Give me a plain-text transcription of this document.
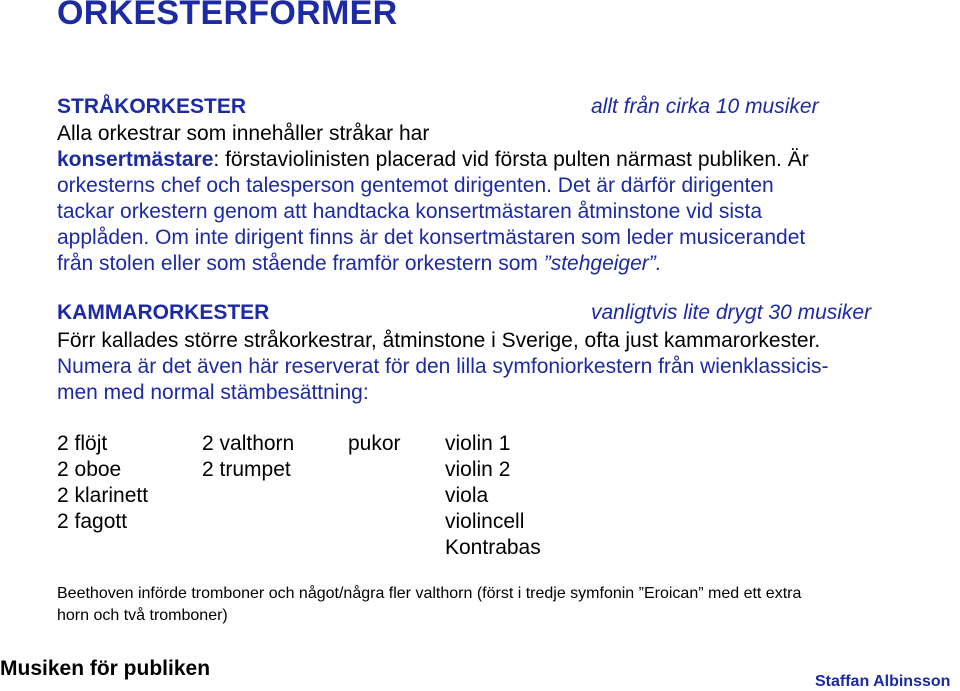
ORKESTERFORMER
STRÅKORKESTER	allt från cirka 10 musiker
Alla orkestrar som innehåller stråkar har
konsertmästare: förstaviolinisten placerad vid första pulten närmast publiken. Är
orkesterns chef och talesperson gentemot dirigenten. Det är därför dirigenten
tackar orkestern genom att handtacka konsertmästaren åtminstone vid sista
applåden. Om inte dirigent finns är det konsertmästaren som leder musicerandet
från stolen eller som stående framför orkestern som ”stehgeiger”.
KAMMARORKESTER	vanligtvis lite drygt 30 musiker
Förr kallades större stråkorkestrar, åtminstone i Sverige, ofta just kammarorkester.
Numera är det även här reserverat för den lilla symfoniorkestern från wienklassicis-
men med normal stämbesättning:
2 flöjt
2 oboe
2 klarinett
2 fagott
2 valthorn
2 trumpet
pukor violin 1
violin 2
viola
violincell
Kontrabas
Beethoven införde tromboner och något/några fler valthorn (först i tredje symfonin ”Eroican” med ett extra
horn och två tromboner)
Musiken för publiken
Staffan Albinsson
